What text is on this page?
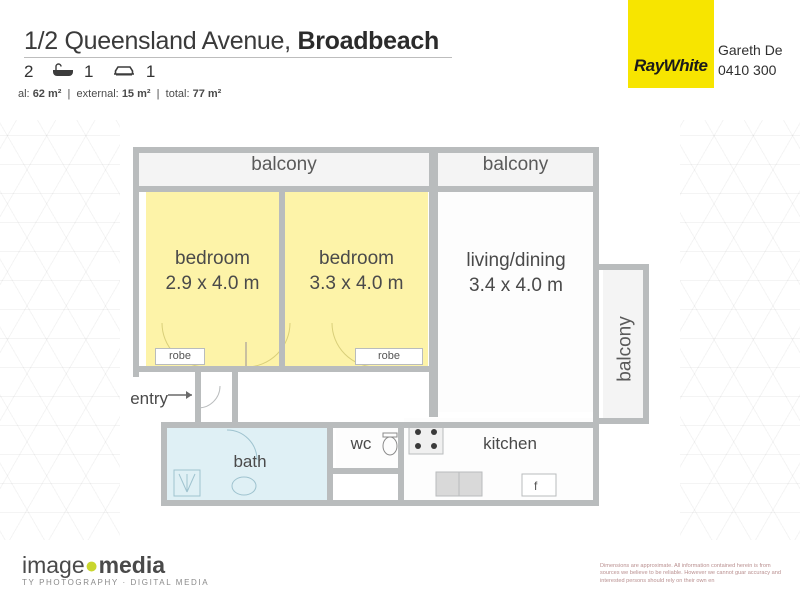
1/2 Queensland Avenue, Broadbeach
2	1	1
al: 62 m²  |  external: 15 m²  |  total: 77 m²
RayWhite
Gareth De
0410 300
balcony	balcony
bedroom
2.9 x 4.0 m
bedroom
3.3 x 4.0 m
robe	robe
living/dining
3.4 x 4.0 m
balcony
entry
bath
wc	kitchen
f
image●media
TY PHOTOGRAPHY · DIGITAL MEDIA
Dimensions are approximate. All information contained herein is from sources we believe to be reliable. However we cannot guar accuracy and interested persons should rely on their own en
